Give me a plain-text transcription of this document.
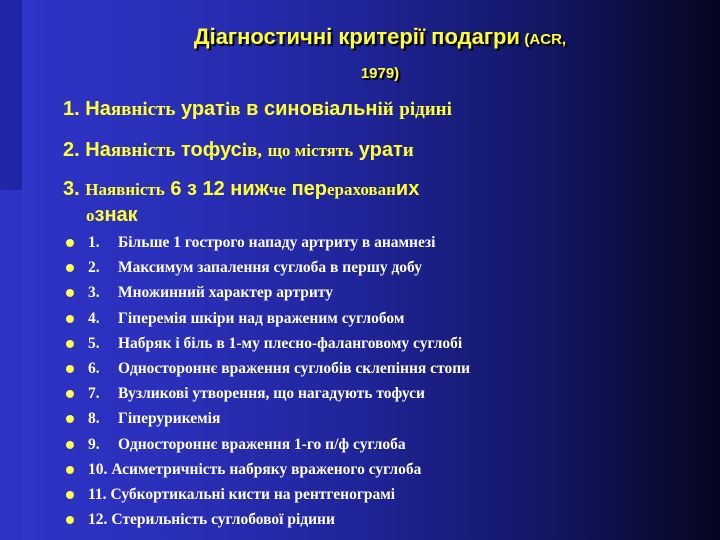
Діагностичні критерії подагри (ACR,
1979)
1. Наявність уратів в синовіальній рідині
2. Наявність тофусів, що містять урати
3. Наявність 6 з 12 нижче перерахованих
ознак
1. Більше 1 гострого нападу артриту в анамнезі
2. Максимум запалення суглоба в першу добу
3. Множинний характер артриту
4. Гіперемія шкіри над враженим суглобом
5. Набряк і біль в 1-му плесно-фаланговому суглобі
6. Одностороннє враження суглобів склепіння стопи
7. Вузликові утворення, що нагадують тофуси
8. Гіперурикемія
9. Одностороннє враження 1-го п/ф суглоба
10. Асиметричність набряку враженого суглоба
11. Субкортикальні кисти на рентгенограмі
12. Стерильність суглобової рідини
